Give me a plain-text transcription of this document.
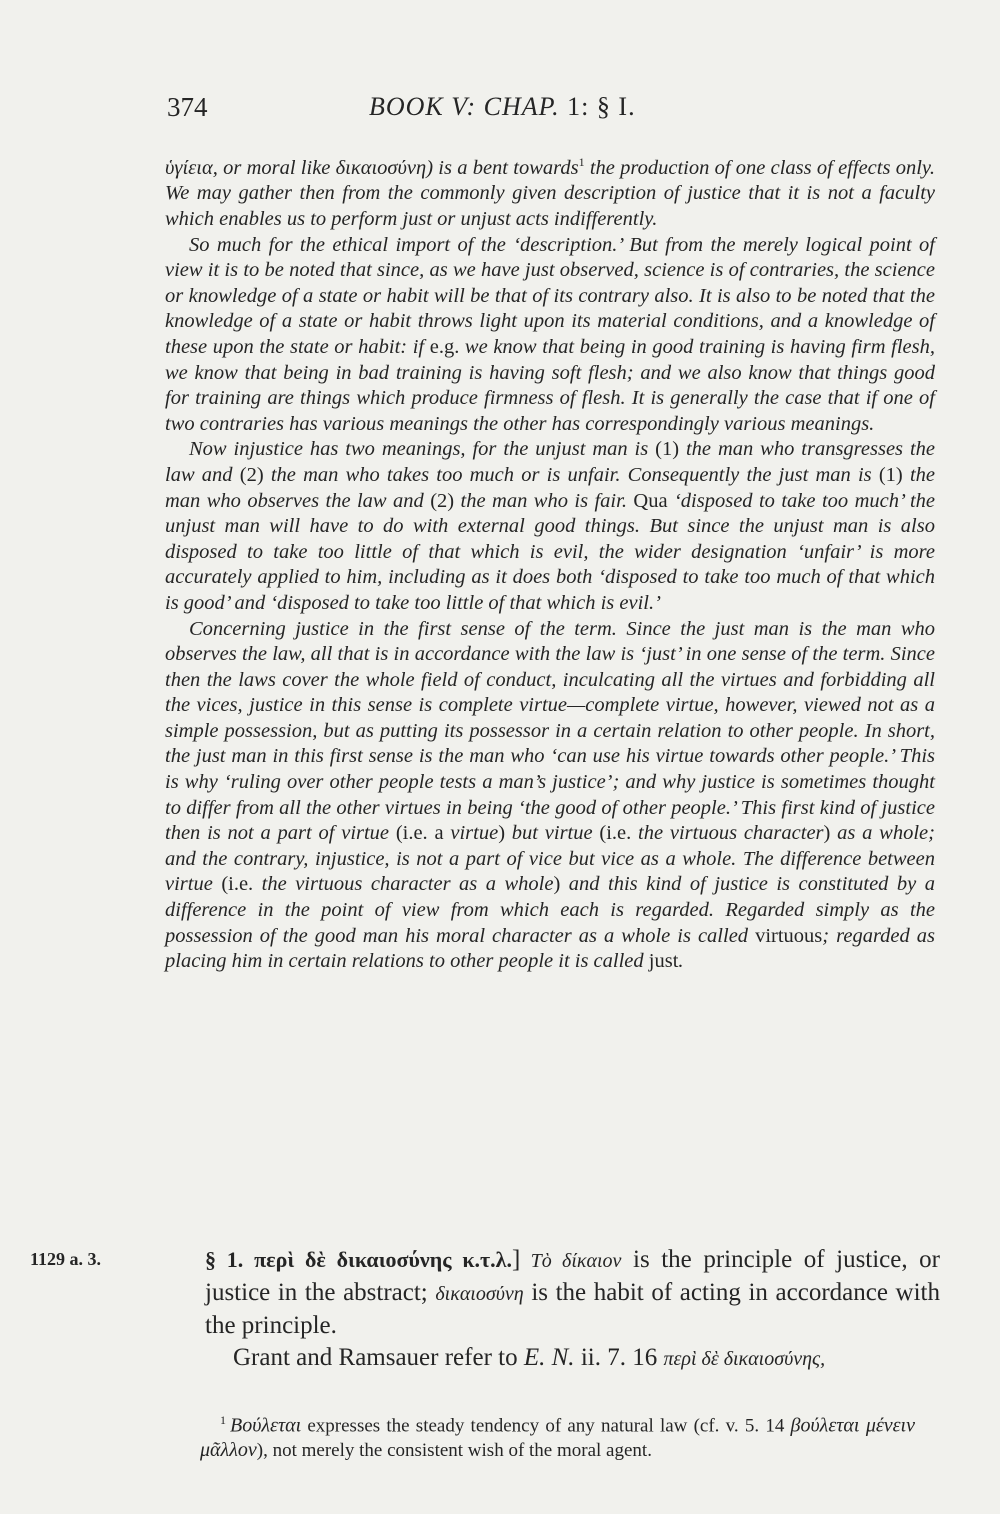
374	BOOK V: CHAP. 1: § I.

ὑγίεια, or moral like δικαιοσύνη) is a bent towards$^1$ the production of one class of effects only. We may gather then from the commonly given description of justice that it is not a faculty which enables us to perform just or unjust acts indifferently.

So much for the ethical import of the ‘description.’ But from the merely logical point of view it is to be noted that since, as we have just observed, science is of contraries, the science or knowledge of a state or habit will be that of its contrary also. It is also to be noted that the knowledge of a state or habit throws light upon its material conditions, and a knowledge of these upon the state or habit: if e.g. we know that being in good training is having firm flesh, we know that being in bad training is having soft flesh; and we also know that things good for training are things which produce firmness of flesh. It is generally the case that if one of two contraries has various meanings the other has correspondingly various meanings.

Now injustice has two meanings, for the unjust man is (1) the man who transgresses the law and (2) the man who takes too much or is unfair. Consequently the just man is (1) the man who observes the law and (2) the man who is fair. Qua ‘disposed to take too much’ the unjust man will have to do with external good things. But since the unjust man is also disposed to take too little of that which is evil, the wider designation ‘unfair’ is more accurately applied to him, including as it does both ‘disposed to take too much of that which is good’ and ‘disposed to take too little of that which is evil.’

Concerning justice in the first sense of the term. Since the just man is the man who observes the law, all that is in accordance with the law is ‘just’ in one sense of the term. Since then the laws cover the whole field of conduct, inculcating all the virtues and forbidding all the vices, justice in this sense is complete virtue—complete virtue, however, viewed not as a simple possession, but as putting its possessor in a certain relation to other people. In short, the just man in this first sense is the man who ‘can use his virtue towards other people.’ This is why ‘ruling over other people tests a man’s justice’; and why justice is sometimes thought to differ from all the other virtues in being ‘the good of other people.’ This first kind of justice then is not a part of virtue (i.e. a virtue) but virtue (i.e. the virtuous character) as a whole; and the contrary, injustice, is not a part of vice but vice as a whole. The difference between virtue (i.e. the virtuous character as a whole) and this kind of justice is constituted by a difference in the point of view from which each is regarded. Regarded simply as the possession of the good man his moral character as a whole is called virtuous; regarded as placing him in certain relations to other people it is called just.

1129 a. 3.	§ 1. περὶ δὲ δικαιοσύνης κ.τ.λ.] Τὸ δίκαιον is the principle of justice, or justice in the abstract; δικαιοσύνη is the habit of acting in accordance with the principle.

Grant and Ramsauer refer to E. N. ii. 7. 16 περὶ δὲ δικαιοσύνης,

$^1$ Βούλεται expresses the steady tendency of any natural law (cf. v. 5. 14 βούλεται μένειν μᾶλλον), not merely the consistent wish of the moral agent.
